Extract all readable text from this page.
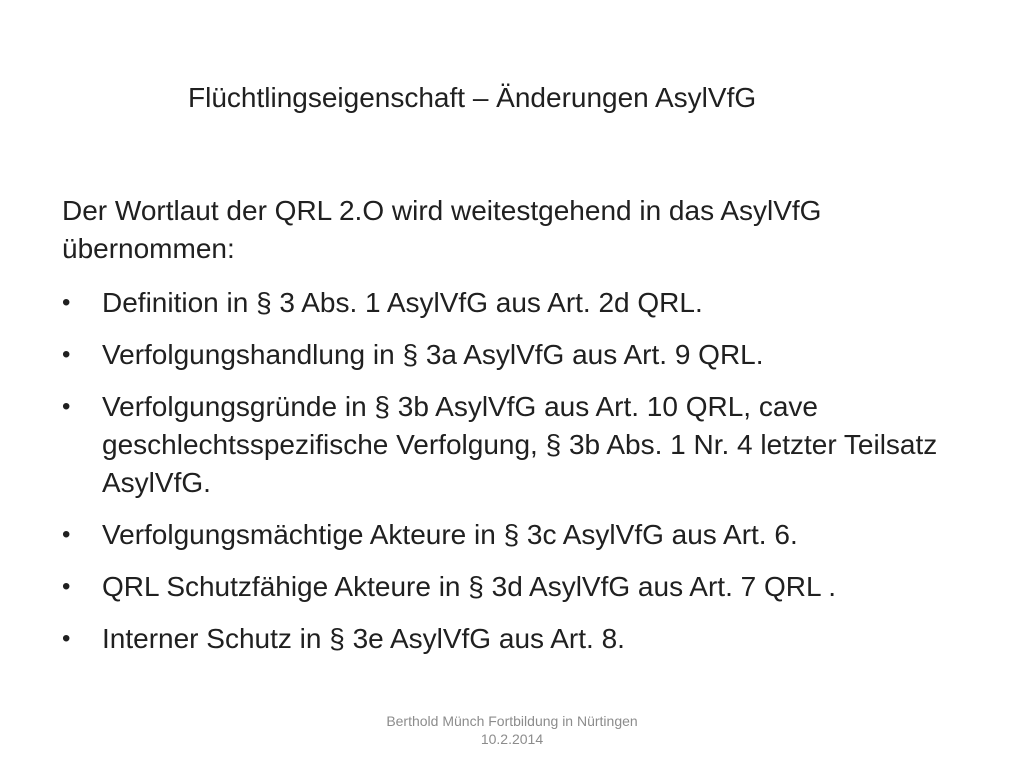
Flüchtlingseigenschaft – Änderungen AsylVfG
Der Wortlaut der QRL 2.O wird weitestgehend in das AsylVfG übernommen:
•	Definition in § 3 Abs. 1 AsylVfG aus Art. 2d QRL.
•	Verfolgungshandlung in § 3a AsylVfG aus Art. 9 QRL.
•	Verfolgungsgründe in § 3b AsylVfG aus Art. 10 QRL, cave geschlechtsspezifische Verfolgung, § 3b Abs. 1 Nr. 4 letzter Teilsatz AsylVfG.
•	Verfolgungsmächtige Akteure in § 3c AsylVfG aus Art. 6.
•	QRL Schutzfähige Akteure in § 3d AsylVfG aus Art. 7 QRL .
•	Interner Schutz in § 3e AsylVfG aus Art. 8.
Berthold Münch Fortbildung in Nürtingen
10.2.2014
